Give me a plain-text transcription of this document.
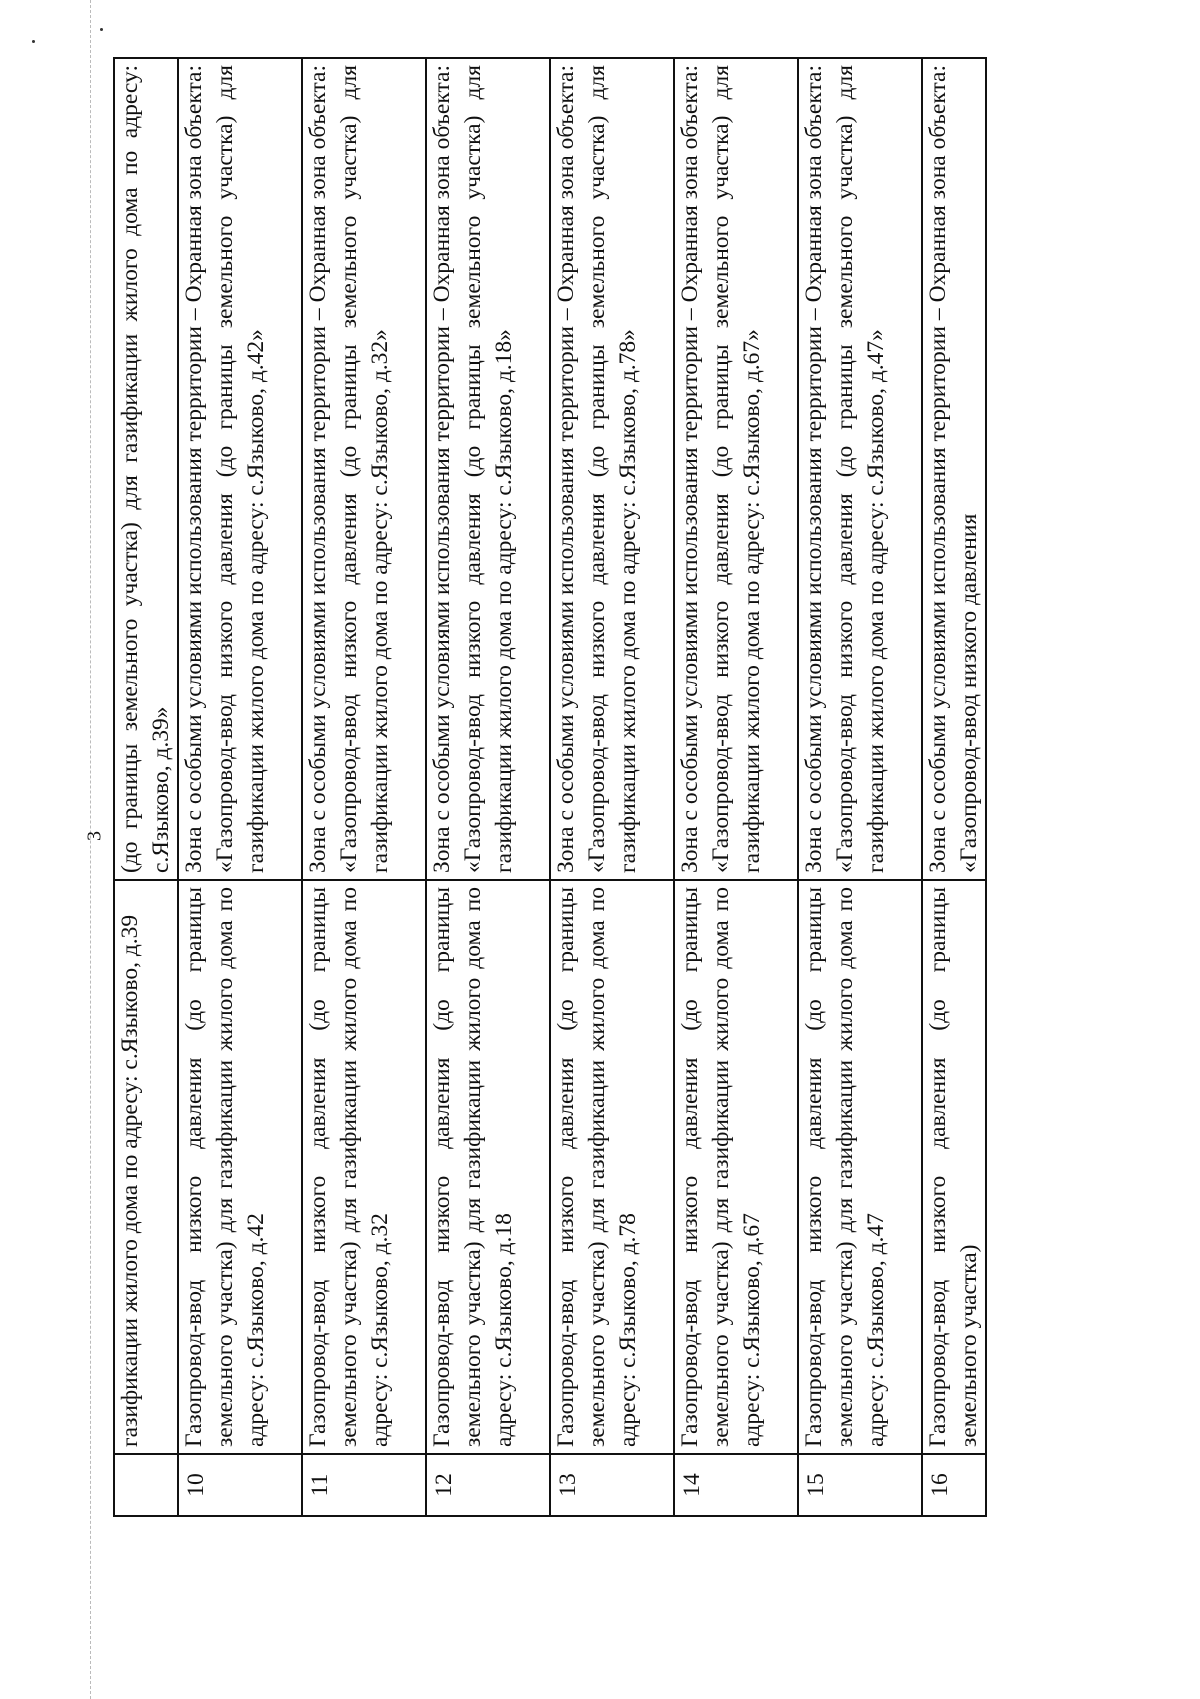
3
	газификации жилого дома по адресу: с.Языково, д.39	(до границы земельного участка) для газификации жилого дома по адресу: с.Языково, д.39»
10	Газопровод-ввод низкого давления (до границы земельного участка) для газификации жилого дома по адресу: с.Языково, д.42	Зона с особыми условиями использования территории – Охранная зона объекта: «Газопровод-ввод низкого давления (до границы земельного участка) для газификации жилого дома по адресу: с.Языково, д.42»
11	Газопровод-ввод низкого давления (до границы земельного участка) для газификации жилого дома по адресу: с.Языково, д.32	Зона с особыми условиями использования территории – Охранная зона объекта: «Газопровод-ввод низкого давления (до границы земельного участка) для газификации жилого дома по адресу: с.Языково, д.32»
12	Газопровод-ввод низкого давления (до границы земельного участка) для газификации жилого дома по адресу: с.Языково, д.18	Зона с особыми условиями использования территории – Охранная зона объекта: «Газопровод-ввод низкого давления (до границы земельного участка) для газификации жилого дома по адресу: с.Языково, д.18»
13	Газопровод-ввод низкого давления (до границы земельного участка) для газификации жилого дома по адресу: с.Языково, д.78	Зона с особыми условиями использования территории – Охранная зона объекта: «Газопровод-ввод низкого давления (до границы земельного участка) для газификации жилого дома по адресу: с.Языково, д.78»
14	Газопровод-ввод низкого давления (до границы земельного участка) для газификации жилого дома по адресу: с.Языково, д.67	Зона с особыми условиями использования территории – Охранная зона объекта: «Газопровод-ввод низкого давления (до границы земельного участка) для газификации жилого дома по адресу: с.Языково, д.67»
15	Газопровод-ввод низкого давления (до границы земельного участка) для газификации жилого дома по адресу: с.Языково, д.47	Зона с особыми условиями использования территории – Охранная зона объекта: «Газопровод-ввод низкого давления (до границы земельного участка) для газификации жилого дома по адресу: с.Языково, д.47»
16	Газопровод-ввод низкого давления (до границы земельного участка)	Зона с особыми условиями использования территории – Охранная зона объекта: «Газопровод-ввод низкого давления
